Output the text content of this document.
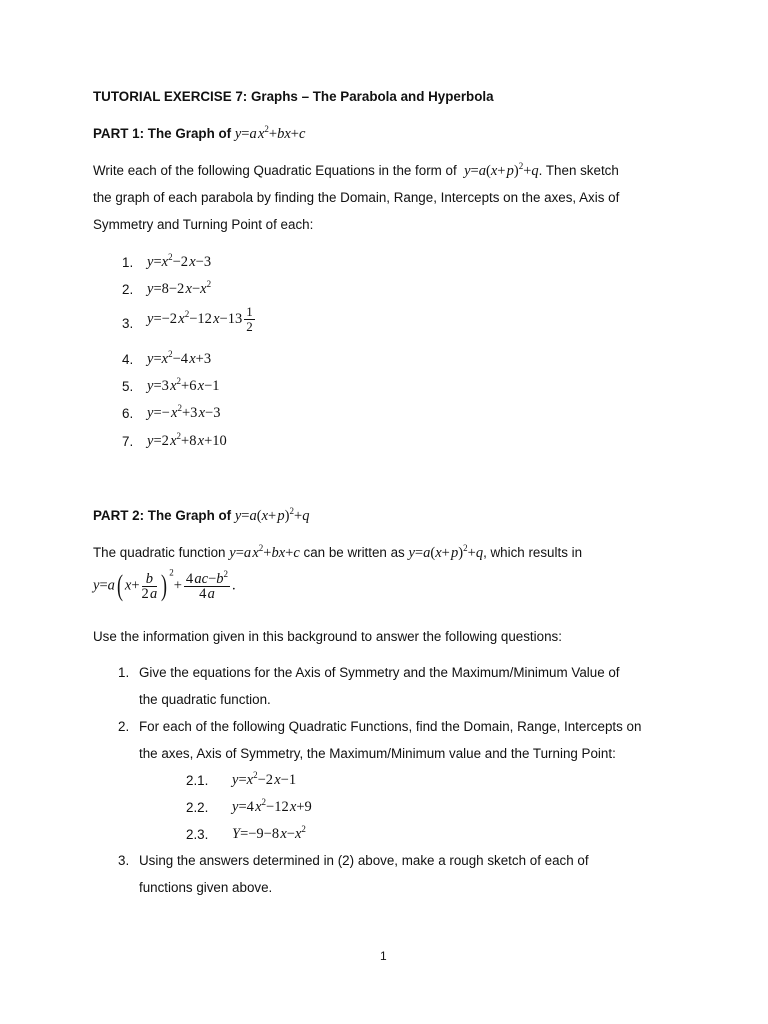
TUTORIAL EXERCISE 7: Graphs – The Parabola and Hyperbola
PART 1: The Graph of y=a $x^2+bx+c$
Write each of the following Quadratic Equations in the form of y=a(x+ p)$^2$+q. Then sketch
the graph of each parabola by finding the Domain, Range, Intercepts on the axes, Axis of
Symmetry and Turning Point of each:
1. $y=x^2-2$ x−3
2. y=8−2 $x-x^2$
3. y=−2 $x^2-12$ $x-13 \frac{1}{2}$
4. $y=x^2-4$ x+3
5. y=3 $x^2+6$ x−1
6. y=− $x^2+3$ x−3
7. y=2 $x^2+8$ x+10
PART 2: The Graph of y=a(x+ p)$^2$+q
The quadratic function y=a $x^2+bx+c$ can be written as y=a(x+ p)$^2$+q, which results in
y=a( $x+ \frac{b}{2 a}$ ) $^2+ \frac{4 ac-b^2}{4 a}$ .
Use the information given in this background to answer the following questions:
1. Give the equations for the Axis of Symmetry and the Maximum/Minimum Value of
the quadratic function.
2. For each of the following Quadratic Functions, find the Domain, Range, Intercepts on
the axes, Axis of Symmetry, the Maximum/Minimum value and the Turning Point:
2.1. $y=x^2-2$ x−1
2.2. y=4 $x^2-12$ x+9
2.3. Y=−9−8 $x-x^2$
3. Using the answers determined in (2) above, make a rough sketch of each of
functions given above.
1
